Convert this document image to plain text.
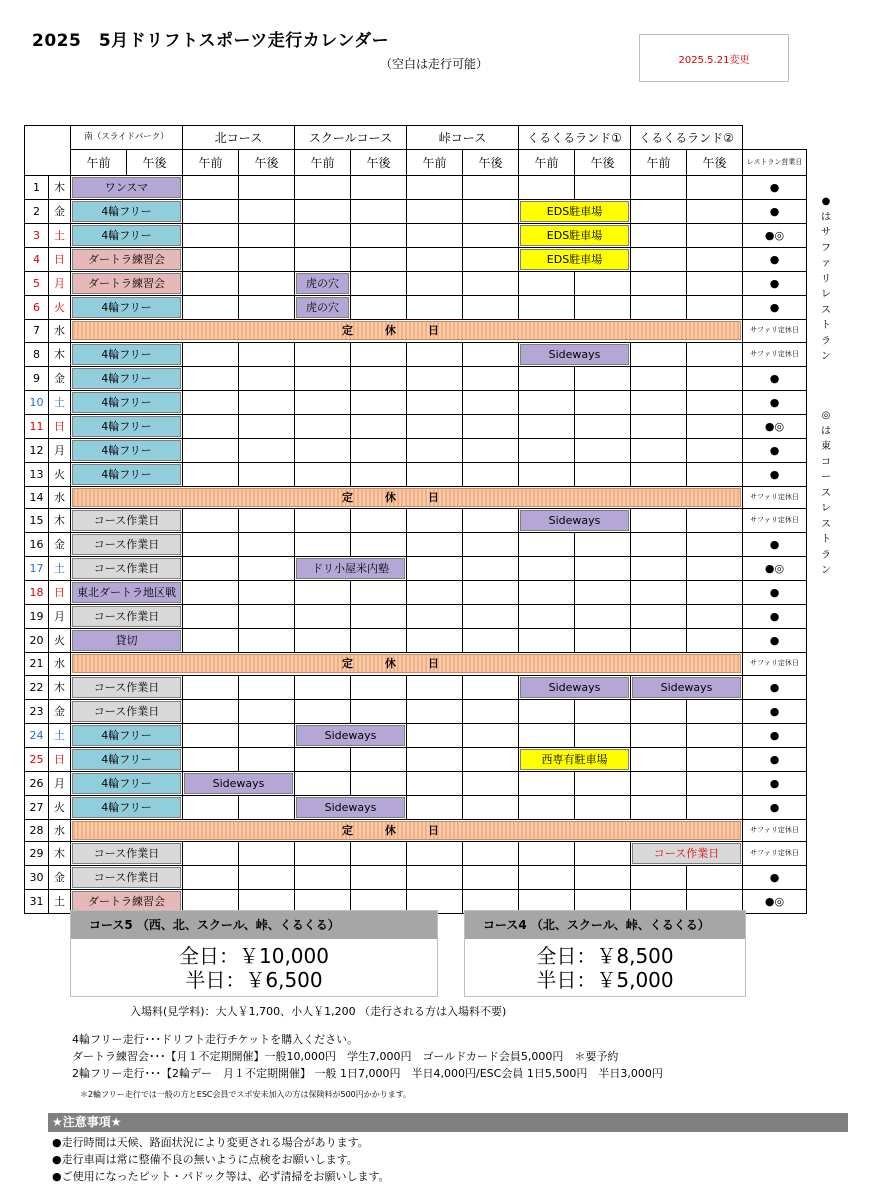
2025　5月ドリフトスポーツ走行カレンダー
（空白は走行可能）	2025.5.21変更
		南（スライドパーク）		北コース		スクールコース		峠コース		くるくるランド①		くるくるランド②		
		午前	午後	午前	午後	午前	午後	午前	午後	午前	午後	午前	午後	レストラン営業日
1	木	ワンスマ												●
2	金	4輪フリー								EDS駐車場				●
3	土	4輪フリー								EDS駐車場				●◎
4	日	ダートラ練習会								EDS駐車場				●
5	月	ダートラ練習会				虎の穴								●
6	火	4輪フリー				虎の穴								●
7	水	定休日												サファリ定休日
8	木	4輪フリー								Sideways				サファリ定休日
9	金	4輪フリー												●
10	土	4輪フリー												●
11	日	4輪フリー												●◎
12	月	4輪フリー												●
13	火	4輪フリー												●
14	水	定休日												サファリ定休日
15	木	コース作業日								Sideways				サファリ定休日
16	金	コース作業日												●
17	土	コース作業日				ドリ小屋米内塾								●◎
18	日	東北ダートラ地区戦												●
19	月	コース作業日												●
20	火	貸切												●
21	水	定休日												サファリ定休日
22	木	コース作業日								Sideways		Sideways		●
23	金	コース作業日												●
24	土	4輪フリー				Sideways								●
25	日	4輪フリー								西専有駐車場				●
26	月	4輪フリー		Sideways										●
27	火	4輪フリー				Sideways								●
28	水	定休日												サファリ定休日
29	木	コース作業日										コース作業日		サファリ定休日
30	金	コース作業日												●
31	土	ダートラ練習会												●◎
●はサファリレストラン
◎は東コースレストラン
コース5 （西、北、スクール、峠、くるくる）
全日：￥10,000
半日：￥6,500
コース4 （北、スクール、峠、くるくる）
全日：￥8,500
半日：￥5,000
入場料(見学料)：大人￥1,700、小人￥1,200 （走行される方は入場料不要)
4輪フリー走行･･･ドリフト走行チケットを購入ください。
ダートラ練習会･･･【月１不定期開催】一般10,000円　学生7,000円　ゴールドカード会員5,000円　＊要予約
2輪フリー走行･･･【2輪デー　月１不定期開催】 一般 1日7,000円　半日4,000円/ESC会員 1日5,500円　半日3,000円
＊2輪フリー走行では一般の方とESC会員でスポ安未加入の方は保険料が500円かかります。
★注意事項★
●走行時間は天候、路面状況により変更される場合があります。
●走行車両は常に整備不良の無いように点検をお願いします。
●ご使用になったピット・パドック等は、必ず清掃をお願いします。
